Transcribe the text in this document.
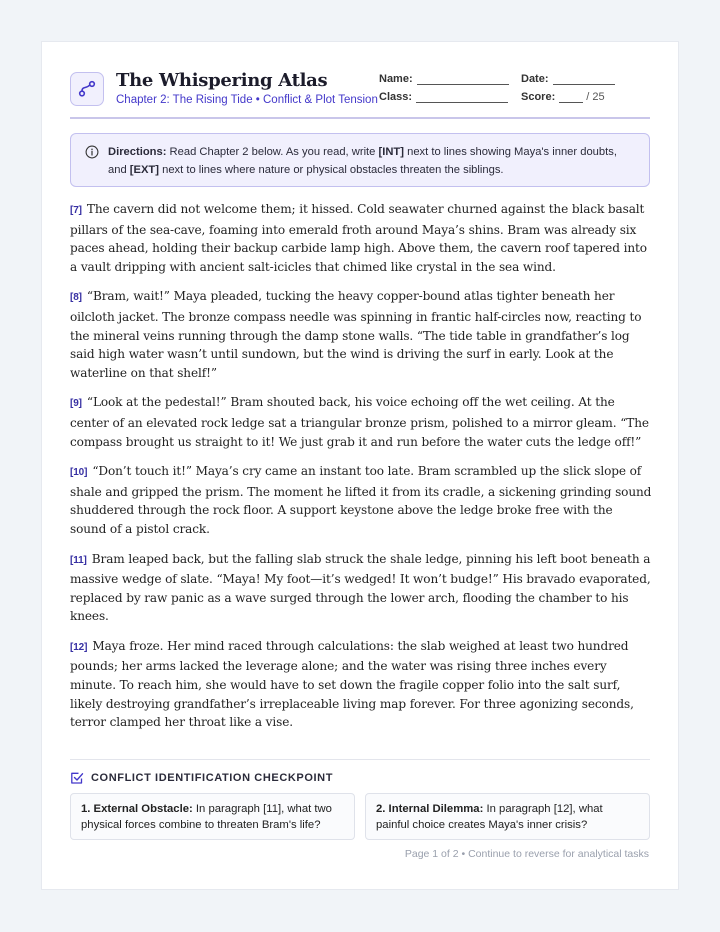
The Whispering Atlas
Chapter 2: The Rising Tide • Conflict & Plot Tension
Name:
Class:
Date:
Score:	/ 25
Directions: Read Chapter 2 below. As you read, write [INT] next to lines showing Maya's inner doubts, and [EXT] next to lines where nature or physical obstacles threaten the siblings.

[7] The cavern did not welcome them; it hissed. Cold seawater churned against the black basalt pillars of the sea-cave, foaming into emerald froth around Maya’s shins. Bram was already six paces ahead, holding their backup carbide lamp high. Above them, the cavern roof tapered into a vault dripping with ancient salt-icicles that chimed like crystal in the sea wind.

[8] “Bram, wait!” Maya pleaded, tucking the heavy copper-bound atlas tighter beneath her oilcloth jacket. The bronze compass needle was spinning in frantic half-circles now, reacting to the mineral veins running through the damp stone walls. “The tide table in grandfather’s log said high water wasn’t until sundown, but the wind is driving the surf in early. Look at the waterline on that shelf!”

[9] “Look at the pedestal!” Bram shouted back, his voice echoing off the wet ceiling. At the center of an elevated rock ledge sat a triangular bronze prism, polished to a mirror gleam. “The compass brought us straight to it! We just grab it and run before the water cuts the ledge off!”

[10] “Don’t touch it!” Maya’s cry came an instant too late. Bram scrambled up the slick slope of shale and gripped the prism. The moment he lifted it from its cradle, a sickening grinding sound shuddered through the rock floor. A support keystone above the ledge broke free with the sound of a pistol crack.

[11] Bram leaped back, but the falling slab struck the shale ledge, pinning his left boot beneath a massive wedge of slate. “Maya! My foot—it’s wedged! It won’t budge!” His bravado evaporated, replaced by raw panic as a wave surged through the lower arch, flooding the chamber to his knees.

[12] Maya froze. Her mind raced through calculations: the slab weighed at least two hundred pounds; her arms lacked the leverage alone; and the water was rising three inches every minute. To reach him, she would have to set down the fragile copper folio into the salt surf, likely destroying grandfather’s irreplaceable living map forever. For three agonizing seconds, terror clamped her throat like a vise.

CONFLICT IDENTIFICATION CHECKPOINT
1. External Obstacle: In paragraph [11], what two physical forces combine to threaten Bram's life?
2. Internal Dilemma: In paragraph [12], what painful choice creates Maya's inner crisis?
Page 1 of 2 • Continue to reverse for analytical tasks
